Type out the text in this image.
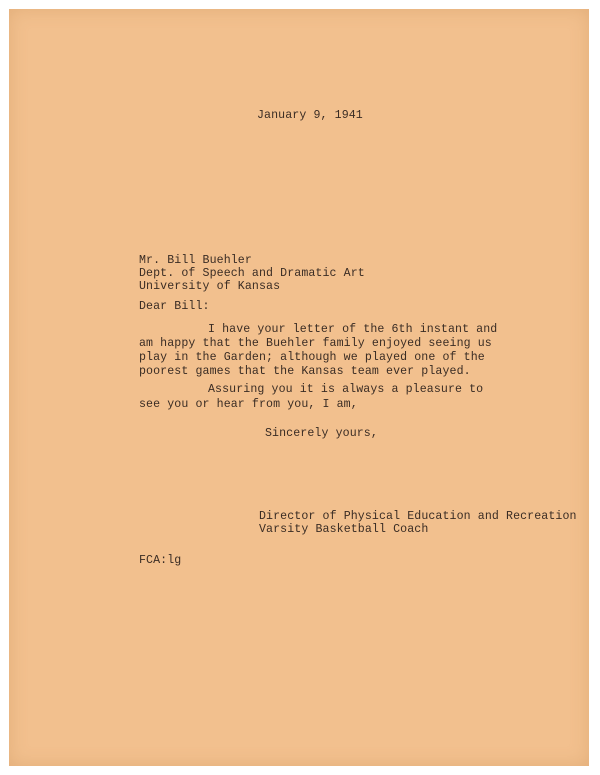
January 9, 1941
Mr. Bill Buehler
Dept. of Speech and Dramatic Art
University of Kansas
Dear Bill:
I have your letter of the 6th instant and
am happy that the Buehler family enjoyed seeing us
play in the Garden; although we played one of the
poorest games that the Kansas team ever played.
Assuring you it is always a pleasure to
see you or hear from you, I am,
Sincerely yours,
Director of Physical Education and Recreation
Varsity Basketball Coach
FCA:lg
